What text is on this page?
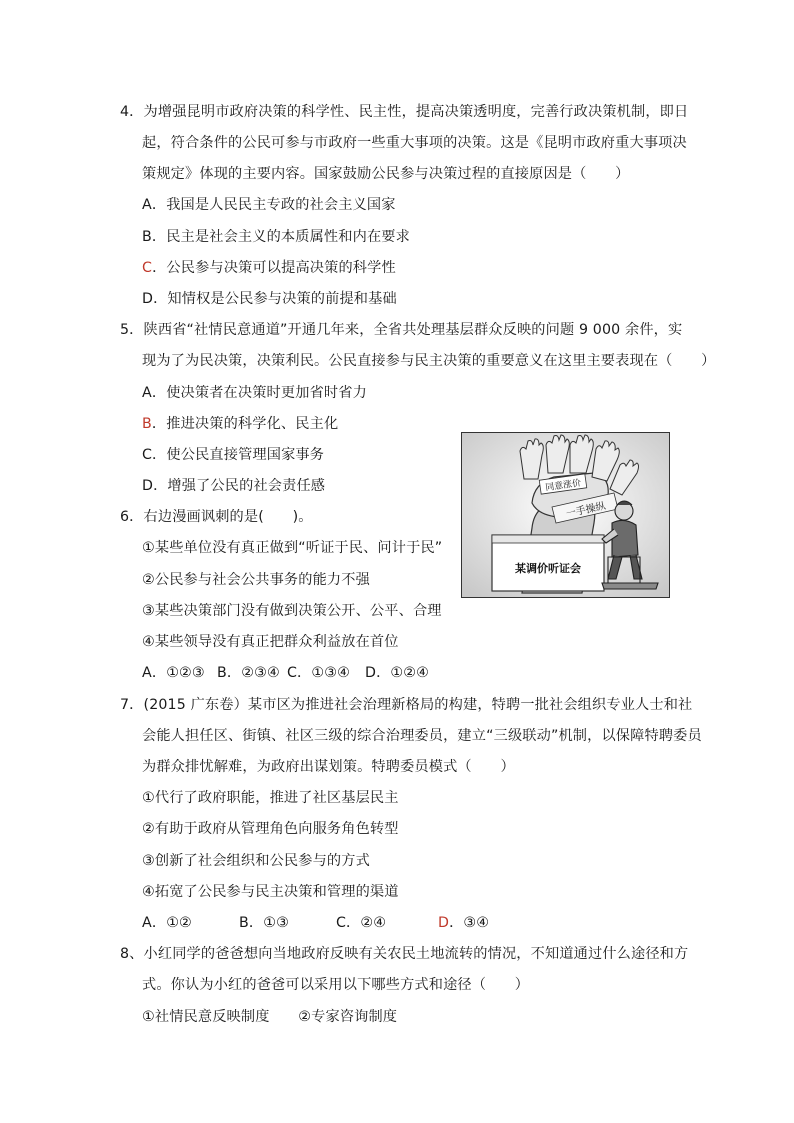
4．为增强昆明市政府决策的科学性、民主性，提高决策透明度，完善行政决策机制，即日
起，符合条件的公民可参与市政府一些重大事项的决策。这是《昆明市政府重大事项决
策规定》体现的主要内容。国家鼓励公民参与决策过程的直接原因是（　　）
A．我国是人民民主专政的社会主义国家
B．民主是社会主义的本质属性和内在要求
C．公民参与决策可以提高决策的科学性
D．知情权是公民参与决策的前提和基础
5．陕西省“社情民意通道”开通几年来，全省共处理基层群众反映的问题 9 000 余件，实
现为了为民决策，决策利民。公民直接参与民主决策的重要意义在这里主要表现在（　　）
A．使决策者在决策时更加省时省力
B．推进决策的科学化、民主化
C．使公民直接管理国家事务
D．增强了公民的社会责任感
6．右边漫画讽刺的是(　　)。
①某些单位没有真正做到“听证于民、问计于民”
②公民参与社会公共事务的能力不强
③某些决策部门没有做到决策公开、公平、合理
④某些领导没有真正把群众利益放在首位
A．①②③ B．②③④ C．①③④ D．①②④
同意涨价
一手操纵
某调价听证会
7．(2015 广东卷）某市区为推进社会治理新格局的构建，特聘一批社会组织专业人士和社
会能人担任区、街镇、社区三级的综合治理委员，建立“三级联动”机制，以保障特聘委员
为群众排忧解难，为政府出谋划策。特聘委员模式（　　）
①代行了政府职能，推进了社区基层民主
②有助于政府从管理角色向服务角色转型
③创新了社会组织和公民参与的方式
④拓宽了公民参与民主决策和管理的渠道
A．①②	B．①③	C．②④	D．③④
8、小红同学的爸爸想向当地政府反映有关农民土地流转的情况，不知道通过什么途径和方
式。你认为小红的爸爸可以采用以下哪些方式和途径（　　）
①社情民意反映制度　　②专家咨询制度
